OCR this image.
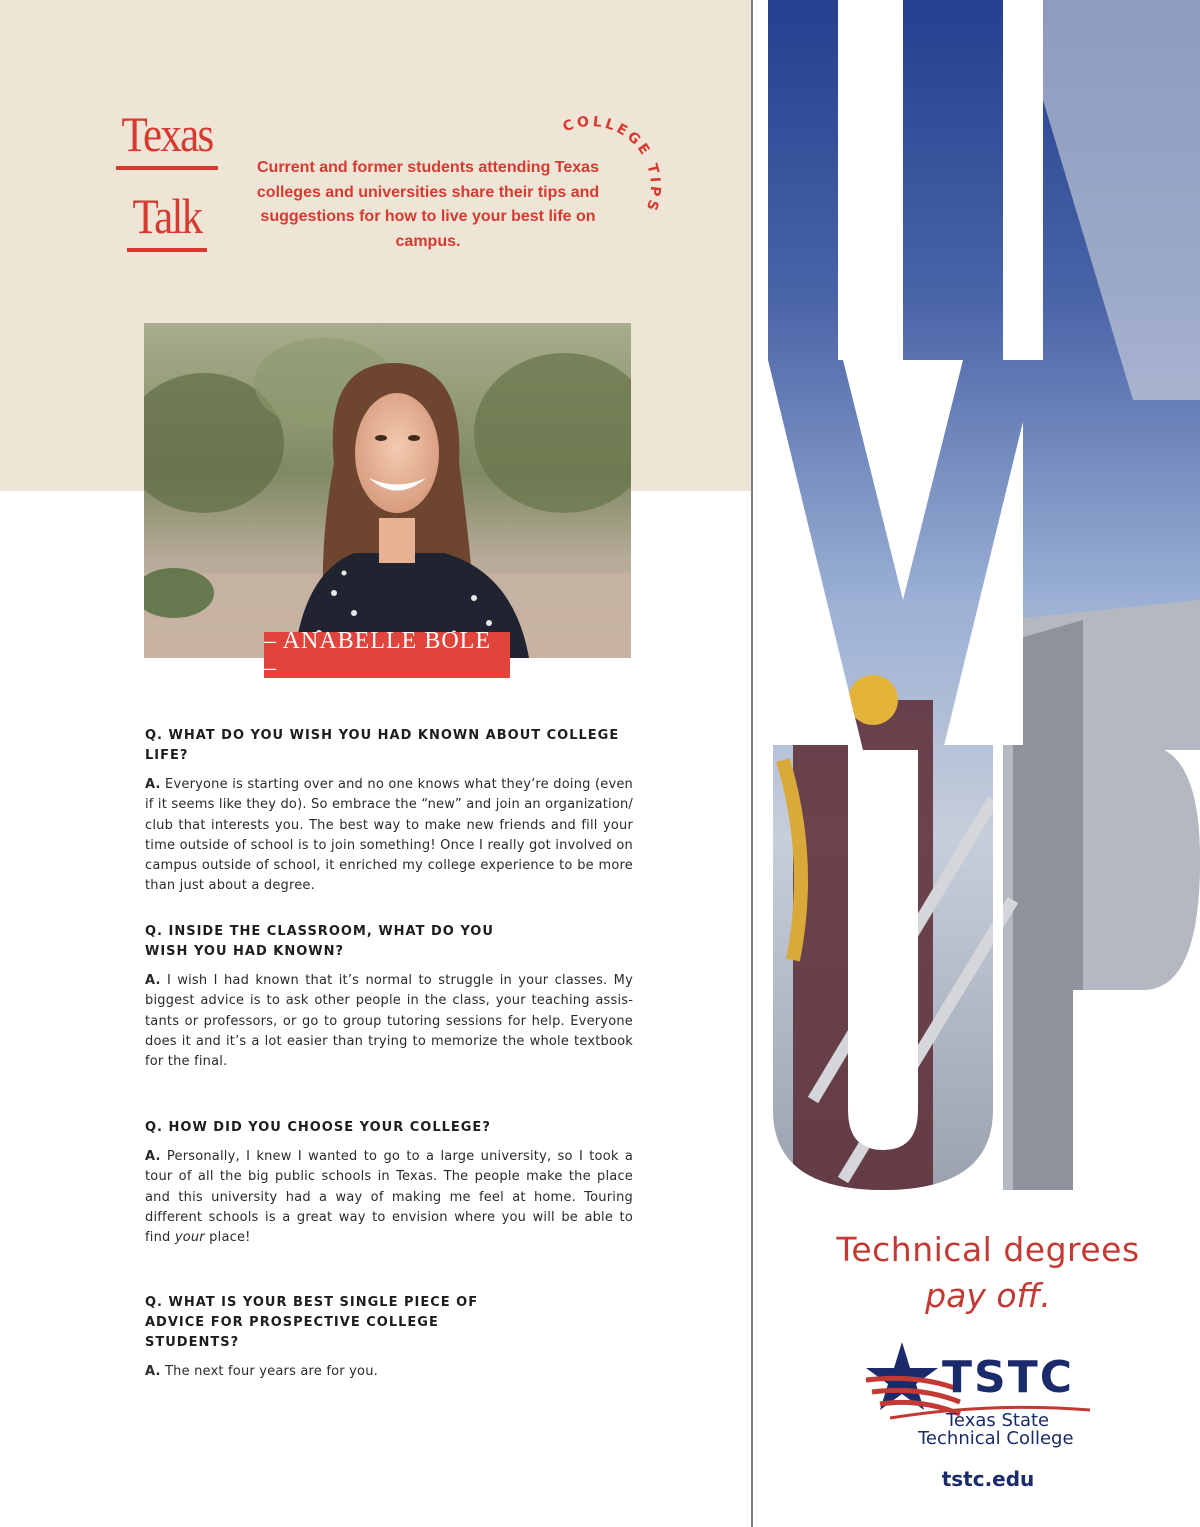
Texas
Talk
Current and former students attending Texas colleges and universities share their tips and suggestions for how to live your best life on campus.
COLLEGE TIPS
– ANABELLE BOLE –

Q. WHAT DO YOU WISH YOU HAD KNOWN ABOUT COLLEGE LIFE?

A. Everyone is starting over and no one knows what they’re doing (even if it seems like they do). So embrace the “new” and join an organization/ club that interests you. The best way to make new friends and fill your time outside of school is to join something! Once I really got involved on campus outside of school, it enriched my college experience to be more than just about a degree.

Q. INSIDE THE CLASSROOM, WHAT DO YOU WISH YOU HAD KNOWN?

A. I wish I had known that it’s normal to struggle in your classes. My biggest advice is to ask other people in the class, your teaching assistants or professors, or go to group tutoring sessions for help. Everyone does it and it’s a lot easier than trying to memorize the whole textbook for the final.

Q. HOW DID YOU CHOOSE YOUR COLLEGE?

A. Personally, I knew I wanted to go to a large university, so I took a tour of all the big public schools in Texas. The people make the place and this university had a way of making me feel at home. Touring different schools is a great way to envision where you will be able to find your place!

Q. WHAT IS YOUR BEST SINGLE PIECE OF ADVICE FOR PROSPECTIVE COLLEGE STUDENTS?

A. The next four years are for you.

MOVE UP
Technical degrees
pay off.
TSTC
Texas State
Technical College
tstc.edu
